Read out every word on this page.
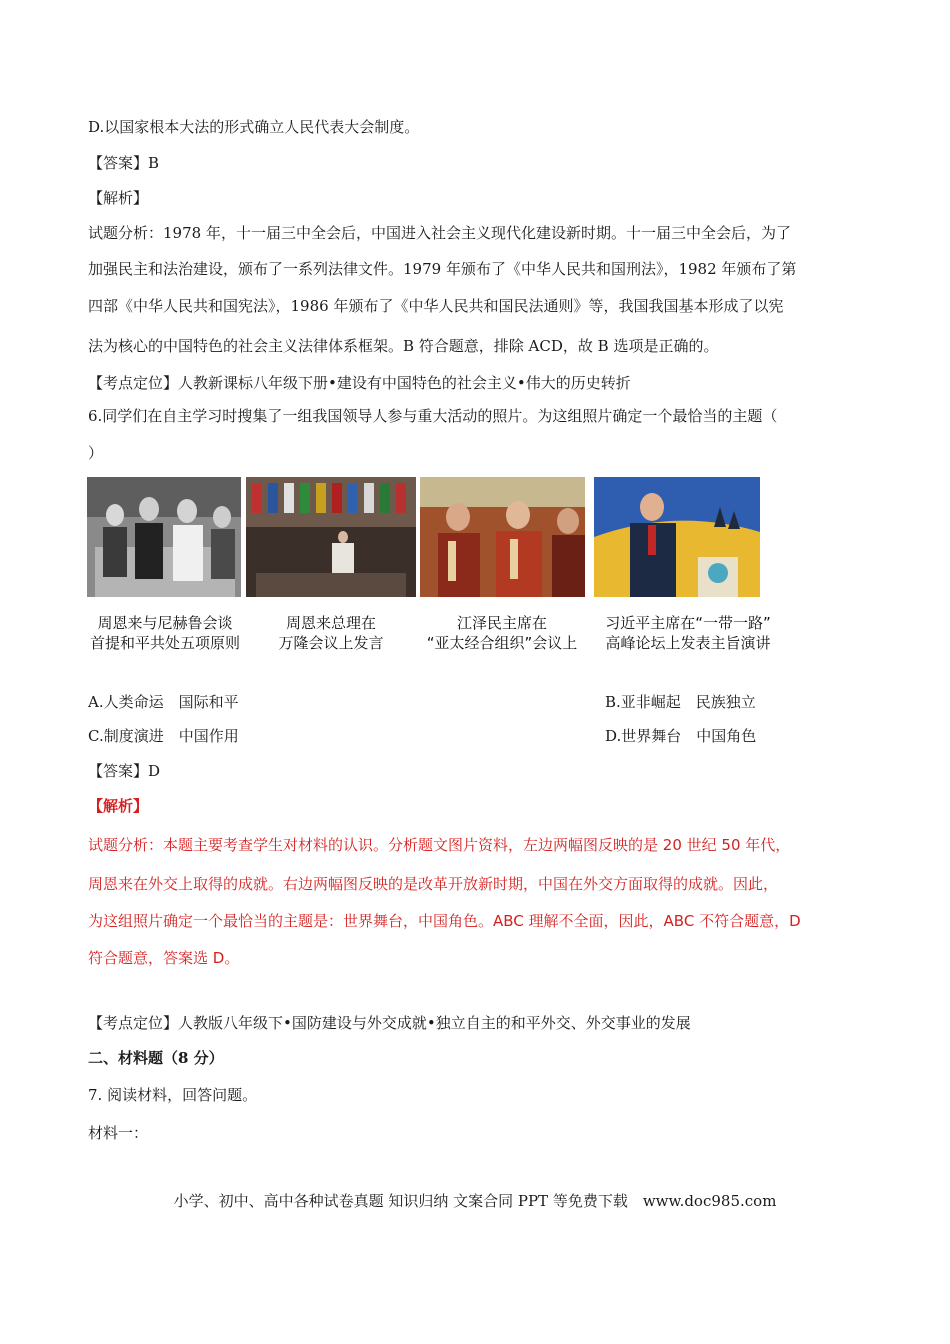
D.以国家根本大法的形式确立人民代表大会制度。
【答案】B
【解析】
试题分析：1978 年，十一届三中全会后，中国进入社会主义现代化建设新时期。十一届三中全会后，为了
加强民主和法治建设，颁布了一系列法律文件。1979 年颁布了《中华人民共和国刑法》，1982 年颁布了第
四部《中华人民共和国宪法》，1986 年颁布了《中华人民共和国民法通则》等，我国我国基本形成了以宪
法为核心的中国特色的社会主义法律体系框架。B 符合题意，排除 ACD，故 B 选项是正确的。
【考点定位】人教新课标八年级下册•建设有中国特色的社会主义•伟大的历史转折
6.同学们在自主学习时搜集了一组我国领导人参与重大活动的照片。为这组照片确定一个最恰当的主题（
）
周恩来与尼赫鲁会谈
首提和平共处五项原则
周恩来总理在
万隆会议上发言
江泽民主席在
“亚太经合组织”会议上
习近平主席在“一带一路”
高峰论坛上发表主旨演讲
A.人类命运　国际和平	B.亚非崛起　民族独立
C.制度演进　中国作用	D.世界舞台　中国角色
【答案】D
【解析】
试题分析：本题主要考查学生对材料的认识。分析题文图片资料，左边两幅图反映的是 20 世纪 50 年代，
周恩来在外交上取得的成就。右边两幅图反映的是改革开放新时期，中国在外交方面取得的成就。因此，
为这组照片确定一个最恰当的主题是：世界舞台，中国角色。ABC 理解不全面，因此，ABC 不符合题意，D
符合题意，答案选 D。
【考点定位】人教版八年级下•国防建设与外交成就•独立自主的和平外交、外交事业的发展
二、材料题（8 分）
7. 阅读材料，回答问题。
材料一：
小学、初中、高中各种试卷真题 知识归纳 文案合同 PPT 等免费下载　www.doc985.com
